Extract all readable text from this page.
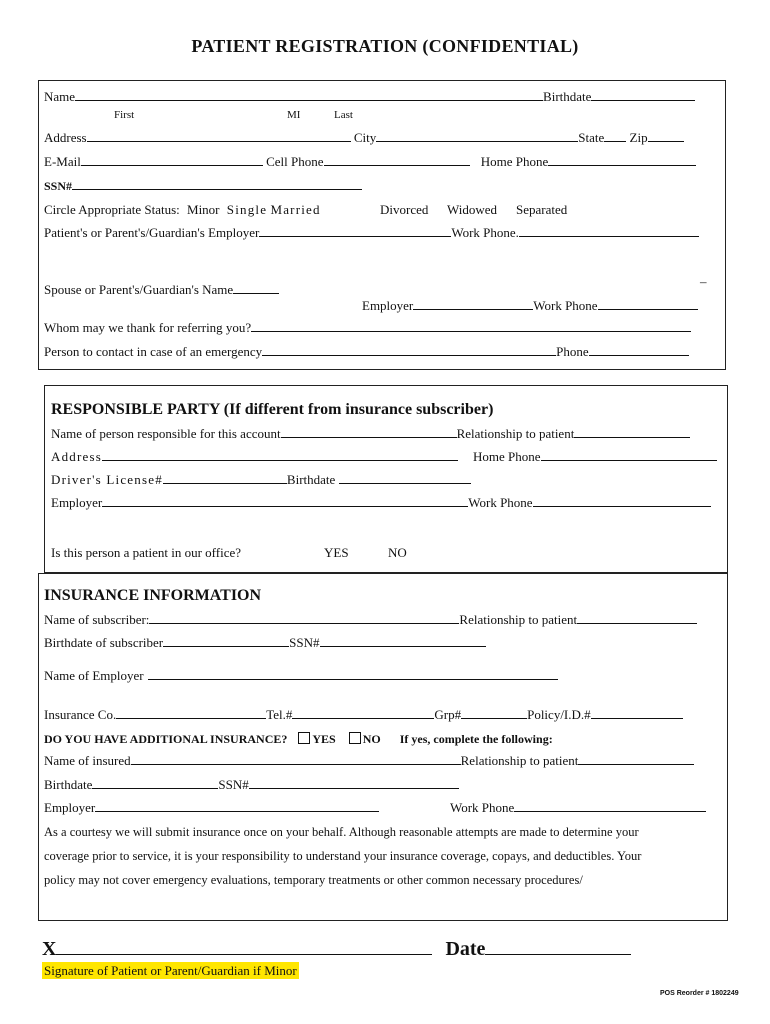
PATIENT REGISTRATION (CONFIDENTIAL)
Name	Birthdate
First	MI	Last
Address	City	State Zip
E-Mail	Cell Phone	Home Phone
SSN#
Circle Appropriate Status: Minor Single Married	Divorced Widowed Separated
Patient's or Parent's/Guardian's Employer	Work Phone.
–
Spouse or Parent's/Guardian's Name
Employer	Work Phone
Whom may we thank for referring you?
Person to contact in case of an emergency	Phone
RESPONSIBLE PARTY (If different from insurance subscriber)
Name of person responsible for this account	Relationship to patient
Address	Home Phone
Driver's License#	Birthdate
Employer	Work Phone
Is this person a patient in our office?	YES	NO
INSURANCE INFORMATION
Name of subscriber:	Relationship to patient
Birthdate of subscriber	SSN#
Name of Employer
Insurance Co.	Tel.#	Grp#	Policy/I.D.#
DO YOU HAVE ADDITIONAL INSURANCE? YES NO If yes, complete the following:
Name of insured	Relationship to patient
Birthdate	SSN#
Employer	Work Phone
As a courtesy we will submit insurance once on your behalf. Although reasonable attempts are made to determine your
coverage prior to service, it is your responsibility to understand your insurance coverage, copays, and deductibles. Your
policy may not cover emergency evaluations, temporary treatments or other common necessary procedures/
X	Date
Signature of Patient or Parent/Guardian if Minor
POS Reorder # 1802249
